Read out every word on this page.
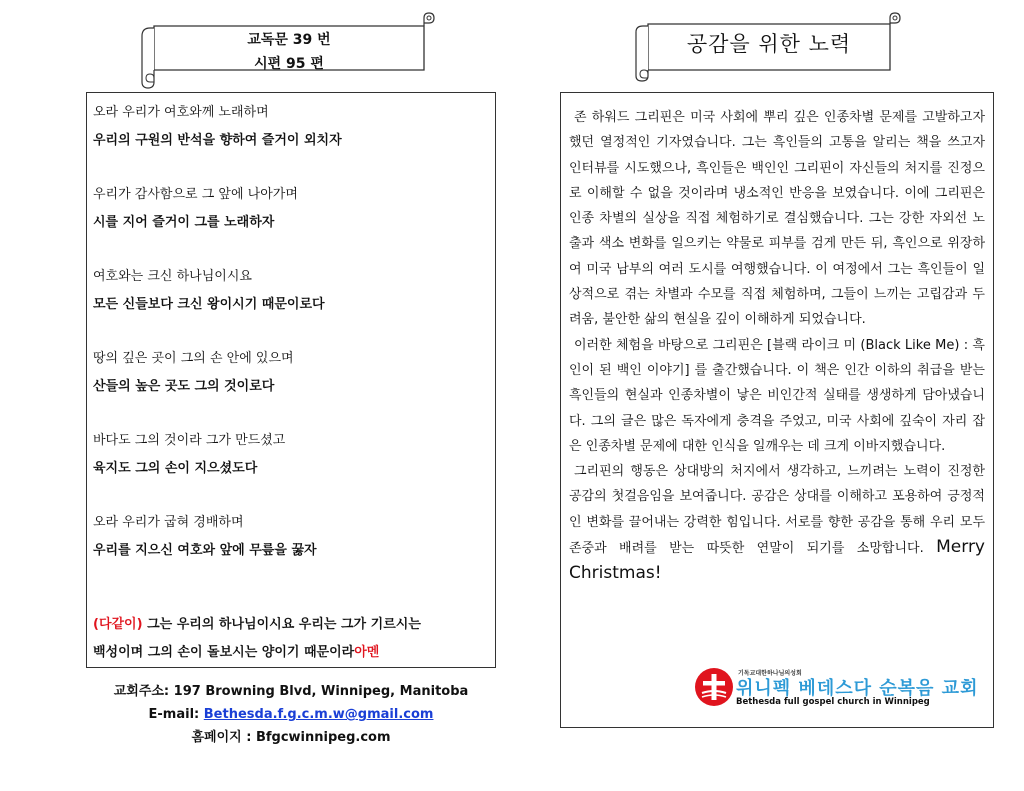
교독문 39 번
시편 95 편
공감을 위한 노력
오라 우리가 여호와께 노래하며
우리의 구원의 반석을 향하여 즐거이 외치자
우리가 감사함으로 그 앞에 나아가며
시를 지어 즐거이 그를 노래하자
여호와는 크신 하나님이시요
모든 신들보다 크신 왕이시기 때문이로다
땅의 깊은 곳이 그의 손 안에 있으며
산들의 높은 곳도 그의 것이로다
바다도 그의 것이라 그가 만드셨고
육지도 그의 손이 지으셨도다
오라 우리가 굽혀 경배하며
우리를 지으신 여호와 앞에 무릎을 꿇자
(다같이) 그는 우리의 하나님이시요 우리는 그가 기르시는
백성이며 그의 손이 돌보시는 양이기 때문이라아멘
교회주소: 197 Browning Blvd, Winnipeg, Manitoba
E-mail: Bethesda.f.g.c.m.w@gmail.com
홈페이지 : Bfgcwinnipeg.com

존 하워드 그리핀은 미국 사회에 뿌리 깊은 인종차별 문제를 고발하고자 했던 열정적인 기자였습니다. 그는 흑인들의 고통을 알리는 책을 쓰고자 인터뷰를 시도했으나, 흑인들은 백인인 그리핀이 자신들의 처지를 진정으로 이해할 수 없을 것이라며 냉소적인 반응을 보였습니다. 이에 그리핀은 인종 차별의 실상을 직접 체험하기로 결심했습니다. 그는 강한 자외선 노출과 색소 변화를 일으키는 약물로 피부를 검게 만든 뒤, 흑인으로 위장하여 미국 남부의 여러 도시를 여행했습니다. 이 여정에서 그는 흑인들이 일상적으로 겪는 차별과 수모를 직접 체험하며, 그들이 느끼는 고립감과 두려움, 불안한 삶의 현실을 깊이 이해하게 되었습니다.

이러한 체험을 바탕으로 그리핀은 [블랙 라이크 미 (Black Like Me) : 흑인이 된 백인 이야기] 를 출간했습니다. 이 책은 인간 이하의 취급을 받는 흑인들의 현실과 인종차별이 낳은 비인간적 실태를 생생하게 담아냈습니다. 그의 글은 많은 독자에게 충격을 주었고, 미국 사회에 깊숙이 자리 잡은 인종차별 문제에 대한 인식을 일깨우는 데 크게 이바지했습니다.

그리핀의 행동은 상대방의 처지에서 생각하고, 느끼려는 노력이 진정한 공감의 첫걸음임을 보여줍니다. 공감은 상대를 이해하고 포용하여 긍정적인 변화를 끌어내는 강력한 힘입니다. 서로를 향한 공감을 통해 우리 모두 존중과 배려를 받는 따뜻한 연말이 되기를 소망합니다. Merry Christmas!

기독교대한하나님의성회
위니펙 베데스다 순복음 교회
Bethesda full gospel church in Winnipeg
